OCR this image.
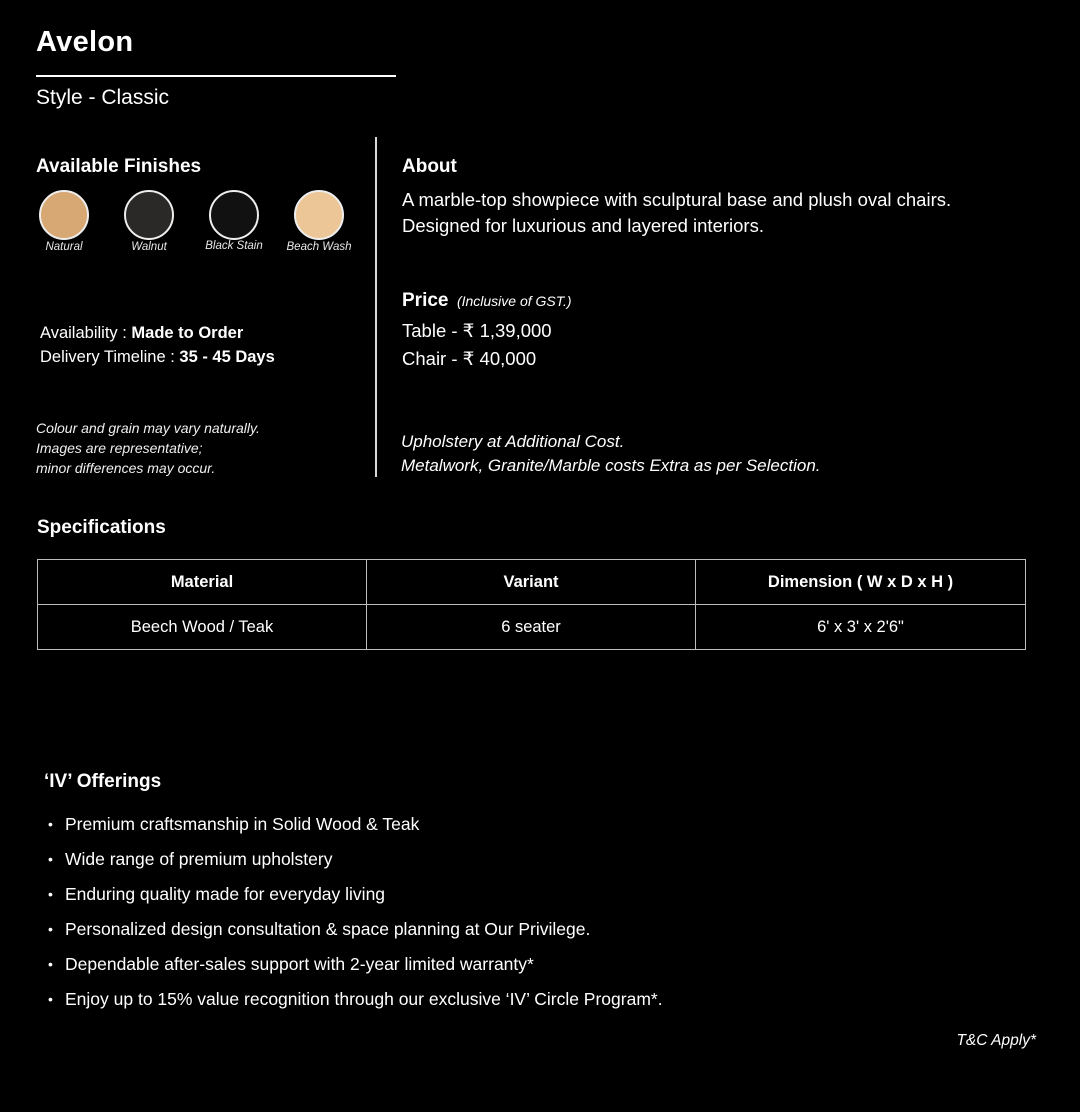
Avelon
Style - Classic
Available Finishes
Natural	Walnut	Black Stain	Beach Wash
Availability : Made to Order
Delivery Timeline : 35 - 45 Days
Colour and grain may vary naturally.
Images are representative;
minor differences may occur.
About
A marble-top showpiece with sculptural base and plush oval chairs. Designed for luxurious and layered interiors.
Price (Inclusive of GST.)
Table - ₹ 1,39,000
Chair - ₹ 40,000
Upholstery at Additional Cost.
Metalwork, Granite/Marble costs Extra as per Selection.
Specifications
Material	Variant	Dimension ( W x D x H )
Beech Wood / Teak	6 seater	6' x 3' x 2'6"
‘IV’ Offerings
• Premium craftsmanship in Solid Wood & Teak
• Wide range of premium upholstery
• Enduring quality made for everyday living
• Personalized design consultation & space planning at Our Privilege.
• Dependable after-sales support with 2-year limited warranty*
• Enjoy up to 15% value recognition through our exclusive ‘IV’ Circle Program*.
T&C Apply*
